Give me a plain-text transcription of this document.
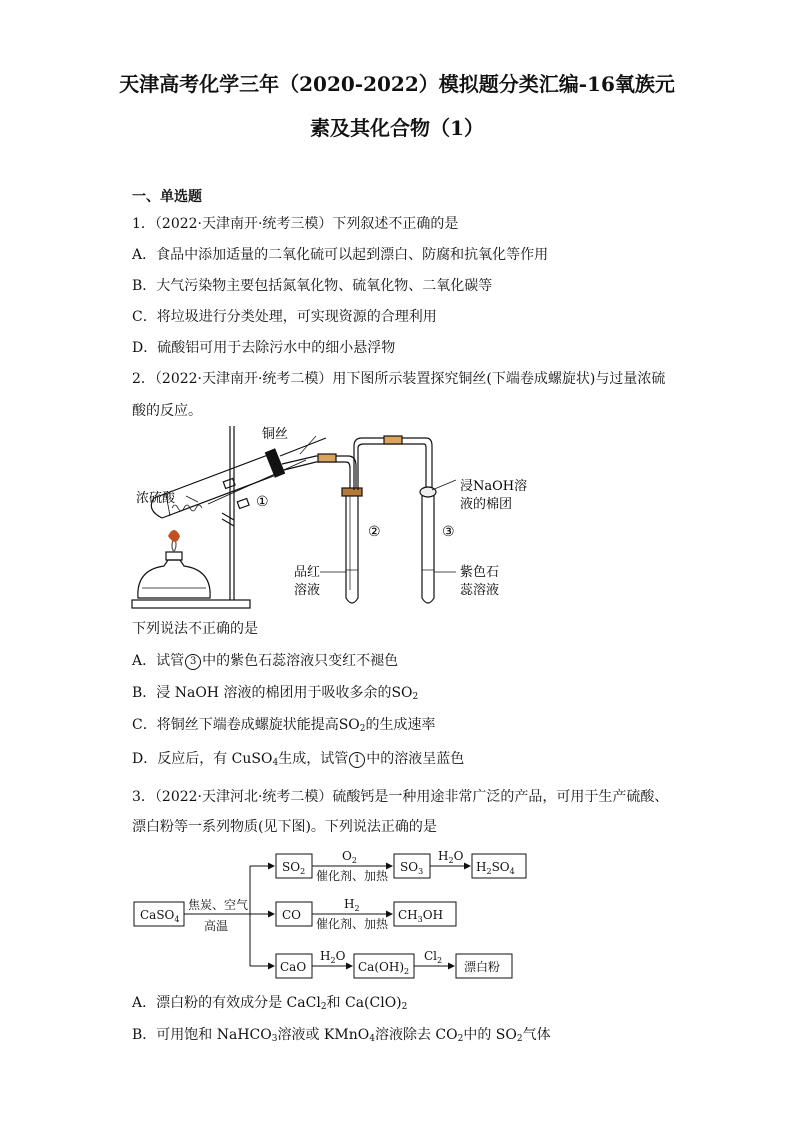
天津高考化学三年（2020-2022）模拟题分类汇编-16氧族元
素及其化合物（1）
一、单选题
1．（2022·天津南开·统考三模）下列叙述不正确的是
A．食品中添加适量的二氧化硫可以起到漂白、防腐和抗氧化等作用
B．大气污染物主要包括氮氧化物、硫氧化物、二氧化碳等
C．将垃圾进行分类处理，可实现资源的合理利用
D．硫酸铝可用于去除污水中的细小悬浮物
2．（2022·天津南开·统考二模）用下图所示装置探究铜丝(下端卷成螺旋状)与过量浓硫
酸的反应。
铜丝
浓硫酸	①
②	③
浸NaOH溶
液的棉团
品红
溶液
紫色石
蕊溶液
下列说法不正确的是
A．试管 3 中的紫色石蕊溶液只变红不褪色
B．浸 NaOH 溶液的棉团用于吸收多余的$SO_2$
C．将铜丝下端卷成螺旋状能提高$SO_2$的生成速率
D．反应后，有 CuSO$_4$生成，试管 1 中的溶液呈蓝色
3．（2022·天津河北·统考二模）硫酸钙是一种用途非常广泛的产品，可用于生产硫酸、
漂白粉等一系列物质(见下图)。下列说法正确的是
CaSO$_4$
焦炭、空气
高温
$SO_2$
$O_2$
催化剂、加热
$SO_3$
$H_2O$
$H_2SO_4$
CO
$H_2$
催化剂、加热
$CH_3OH$
CaO
$H_2O$
$Ca(OH)_2$
$Cl_2$ 漂白粉
A．漂白粉的有效成分是 CaCl$_2$和 $Ca(ClO)_2$
B．可用饱和 NaHCO$_3$溶液或 KMnO$_4$溶液除去 $CO_2$中的 $SO_2$气体
